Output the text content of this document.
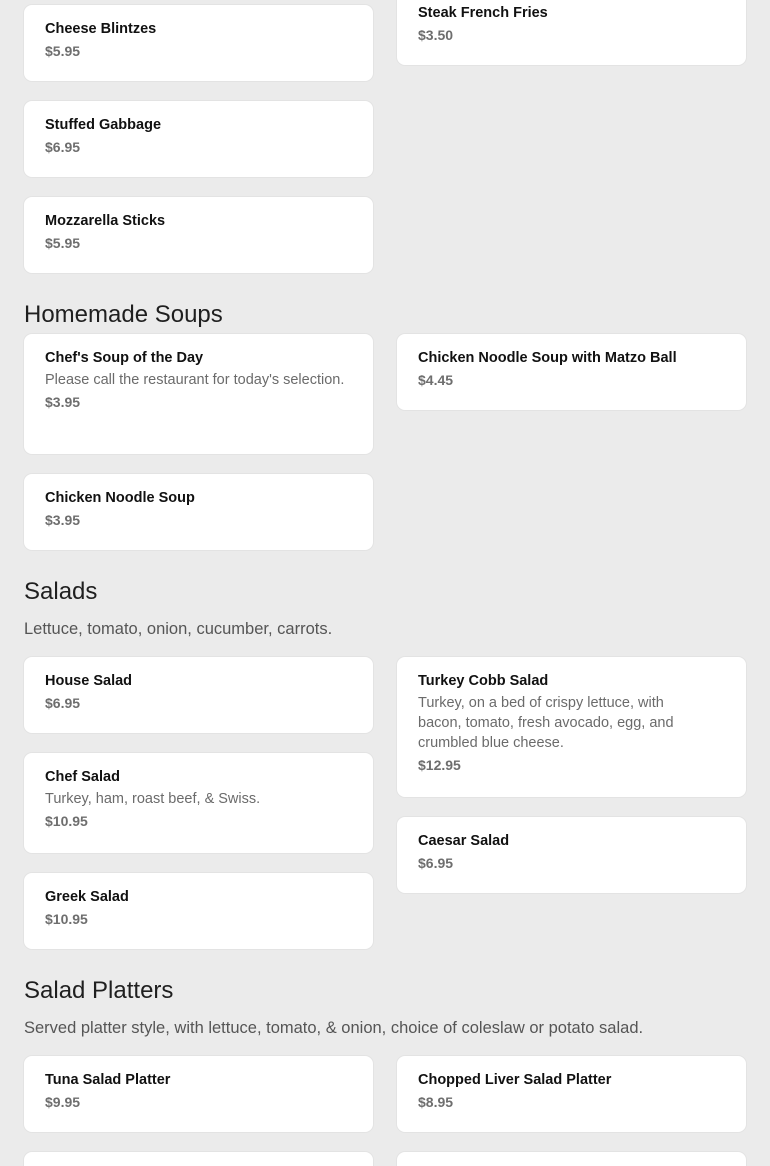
Cheese Blintzes
$5.95
Steak French Fries
$3.50
Stuffed Gabbage
$6.95
Mozzarella Sticks
$5.95
Homemade Soups
Chef's Soup of the Day
Please call the restaurant for today's selection.
$3.95
Chicken Noodle Soup with Matzo Ball
$4.45
Chicken Noodle Soup
$3.95
Salads
Lettuce, tomato, onion, cucumber, carrots.
House Salad
$6.95
Turkey Cobb Salad
Turkey, on a bed of crispy lettuce, with bacon, tomato, fresh avocado, egg, and crumbled blue cheese.
$12.95
Chef Salad
Turkey, ham, roast beef, & Swiss.
$10.95
Caesar Salad
$6.95
Greek Salad
$10.95
Salad Platters
Served platter style, with lettuce, tomato, & onion, choice of coleslaw or potato salad.
Tuna Salad Platter
$9.95
Chopped Liver Salad Platter
$8.95
